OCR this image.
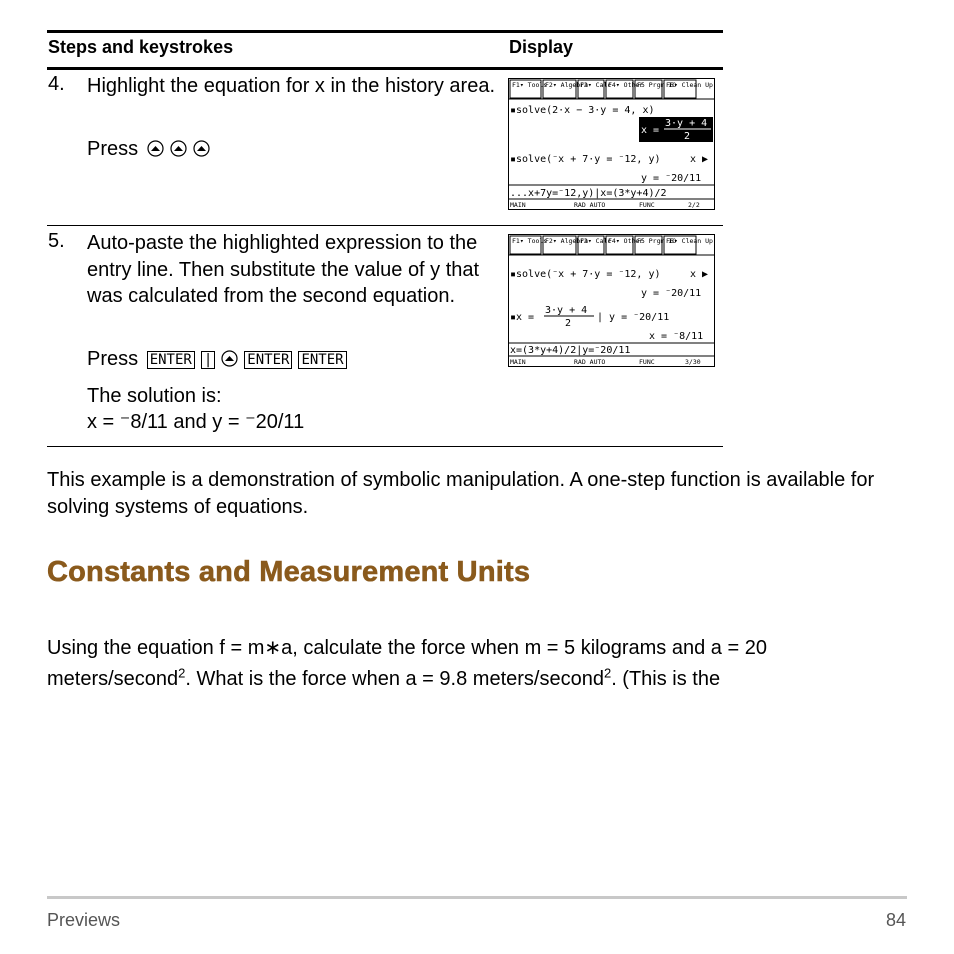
Steps and keystrokes	Display
4. Highlight the equation for x in the history area.
Press
F1▾ Tools
F2▾ Algebra
F3▾ Calc
F4▾ Other
F5 Prgm IO
F6▾ Clean Up
▪solve(2·x − 3·y = 4, x)
x =
3·y + 4
2
▪solve(⁻x + 7·y = ⁻12, y)	x ▶
y = ⁻20/11
...x+7y=⁻12,y)|x=(3*y+4)/2
MAIN	RAD AUTO	FUNC	2/2
5. Auto-paste the highlighted expression to the entry line. Then substitute the value of y that was calculated from the second equation.
Press ENTER |	ENTER ENTER
The solution is:
x = ⁻8/11 and y = ⁻20/11
F1▾ Tools
F2▾ Algebra
F3▾ Calc
F4▾ Other
F5 Prgm IO
F6▾ Clean Up
▪solve(⁻x + 7·y = ⁻12, y)	x ▶
y = ⁻20/11
▪x =
3·y + 4
2
| y = ⁻20/11
x = ⁻8/11
x=(3*y+4)/2|y=⁻20/11
MAIN	RAD AUTO	FUNC	3/30
This example is a demonstration of symbolic manipulation. A one-step function is available for solving systems of equations.
Constants and Measurement Units
Using the equation f = m∗a, calculate the force when m = 5 kilograms and a = 20 meters/second$^2$. What is the force when a = 9.8 meters/second$^2$. (This is the
Previews	84
